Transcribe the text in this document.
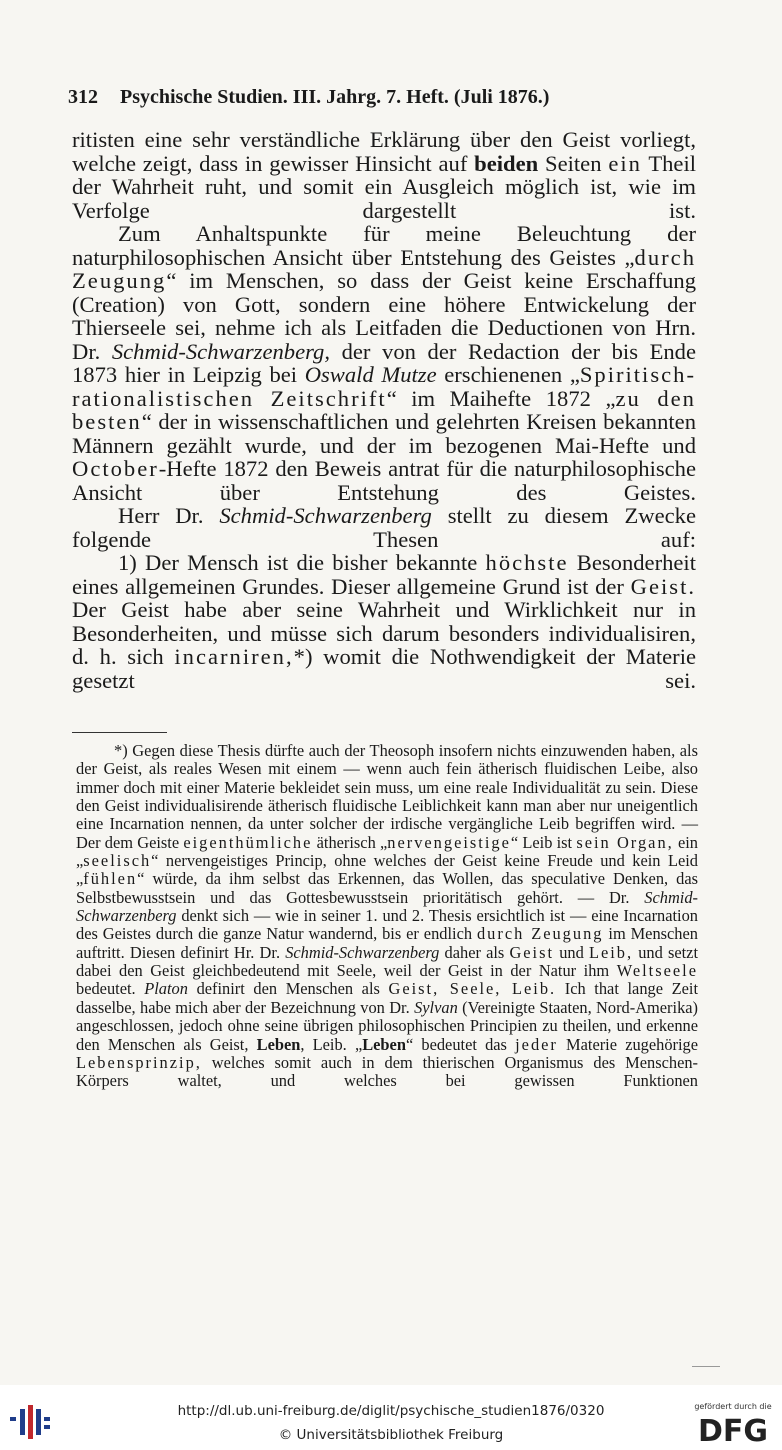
312 Psychische Studien. III. Jahrg. 7. Heft. (Juli 1876.)

ritisten eine sehr verständliche Erklärung über den Geist vorliegt, welche zeigt, dass in gewisser Hinsicht auf beiden Seiten ein Theil der Wahrheit ruht, und somit ein Ausgleich möglich ist, wie im Verfolge dargestellt ist.

Zum Anhaltspunkte für meine Beleuchtung der naturphilosophischen Ansicht über Entstehung des Geistes „durch Zeugung“ im Menschen, so dass der Geist keine Erschaffung (Creation) von Gott, sondern eine höhere Entwickelung der Thierseele sei, nehme ich als Leitfaden die Deductionen von Hrn. Dr. Schmid-Schwarzenberg, der von der Redaction der bis Ende 1873 hier in Leipzig bei Oswald Mutze erschienenen „Spiritisch-rationalistischen Zeitschrift“ im Maihefte 1872 „zu den besten“ der in wissenschaftlichen und gelehrten Kreisen bekannten Männern gezählt wurde, und der im bezogenen Mai-Hefte und October-Hefte 1872 den Beweis antrat für die naturphilosophische Ansicht über Entstehung des Geistes.

Herr Dr. Schmid-Schwarzenberg stellt zu diesem Zwecke folgende Thesen auf:

1) Der Mensch ist die bisher bekannte höchste Besonderheit eines allgemeinen Grundes. Dieser allgemeine Grund ist der Geist. Der Geist habe aber seine Wahrheit und Wirklichkeit nur in Besonderheiten, und müsse sich darum besonders individualisiren, d. h. sich incarniren,*) womit die Nothwendigkeit der Materie gesetzt sei.

*) Gegen diese Thesis dürfte auch der Theosoph insofern nichts einzuwenden haben, als der Geist, als reales Wesen mit einem — wenn auch fein ätherisch fluidischen Leibe, also immer doch mit einer Materie bekleidet sein muss, um eine reale Individualität zu sein. Diese den Geist individualisirende ätherisch fluidische Leiblichkeit kann man aber nur uneigentlich eine Incarnation nennen, da unter solcher der irdische vergängliche Leib begriffen wird. — Der dem Geiste eigenthümliche ätherisch „nervengeistige“ Leib ist sein Organ, ein „seelisch“ nervengeistiges Princip, ohne welches der Geist keine Freude und kein Leid „fühlen“ würde, da ihm selbst das Erkennen, das Wollen, das speculative Denken, das Selbstbewusstsein und das Gottesbewusstsein prioritätisch gehört. — Dr. Schmid-Schwarzenberg denkt sich — wie in seiner 1. und 2. Thesis ersichtlich ist — eine Incarnation des Geistes durch die ganze Natur wandernd, bis er endlich durch Zeugung im Menschen auftritt. Diesen definirt Hr. Dr. Schmid-Schwarzenberg daher als Geist und Leib, und setzt dabei den Geist gleichbedeutend mit Seele, weil der Geist in der Natur ihm Weltseele bedeutet. Platon definirt den Menschen als Geist, Seele, Leib. Ich that lange Zeit dasselbe, habe mich aber der Bezeichnung von Dr. Sylvan (Vereinigte Staaten, Nord-Amerika) angeschlossen, jedoch ohne seine übrigen philosophischen Principien zu theilen, und erkenne den Menschen als Geist, Leben, Leib. „Leben“ bedeutet das jeder Materie zugehörige Lebensprinzip, welches somit auch in dem thierischen Organismus des Menschen-Körpers waltet, und welches bei gewissen Funktionen

http://dl.ub.uni-freiburg.de/diglit/psychische_studien1876/0320
© Universitätsbibliothek Freiburg
gefördert durch die
DFG
